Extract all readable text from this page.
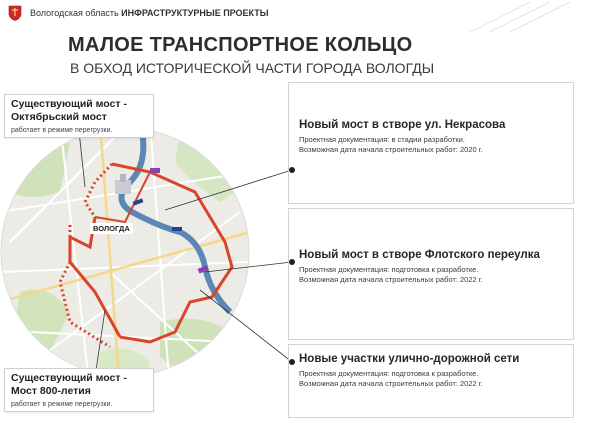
Вологодская область ИНФРАСТРУКТУРНЫЕ ПРОЕКТЫ
МАЛОЕ ТРАНСПОРТНОЕ КОЛЬЦО
В ОБХОД ИСТОРИЧЕСКОЙ ЧАСТИ ГОРОДА ВОЛОГДЫ
ВОЛОГДА
Существующий мост -
Октябрьский мост
работает в режиме перегрузки.
Существующий мост -
Мост 800-летия
работает в режиме перегрузки.
Новый мост в створе ул. Некрасова
Проектная документация: в стадии разработки.
Возможная дата начала строительных работ: 2020 г.
Новый мост в створе Флотского переулка
Проектная документация: подготовка к разработке.
Возможная дата начала строительных работ: 2022 г.
Новые участки улично-дорожной сети
Проектная документация: подготовка к разработке.
Возможная дата начала строительных работ: 2022 г.
